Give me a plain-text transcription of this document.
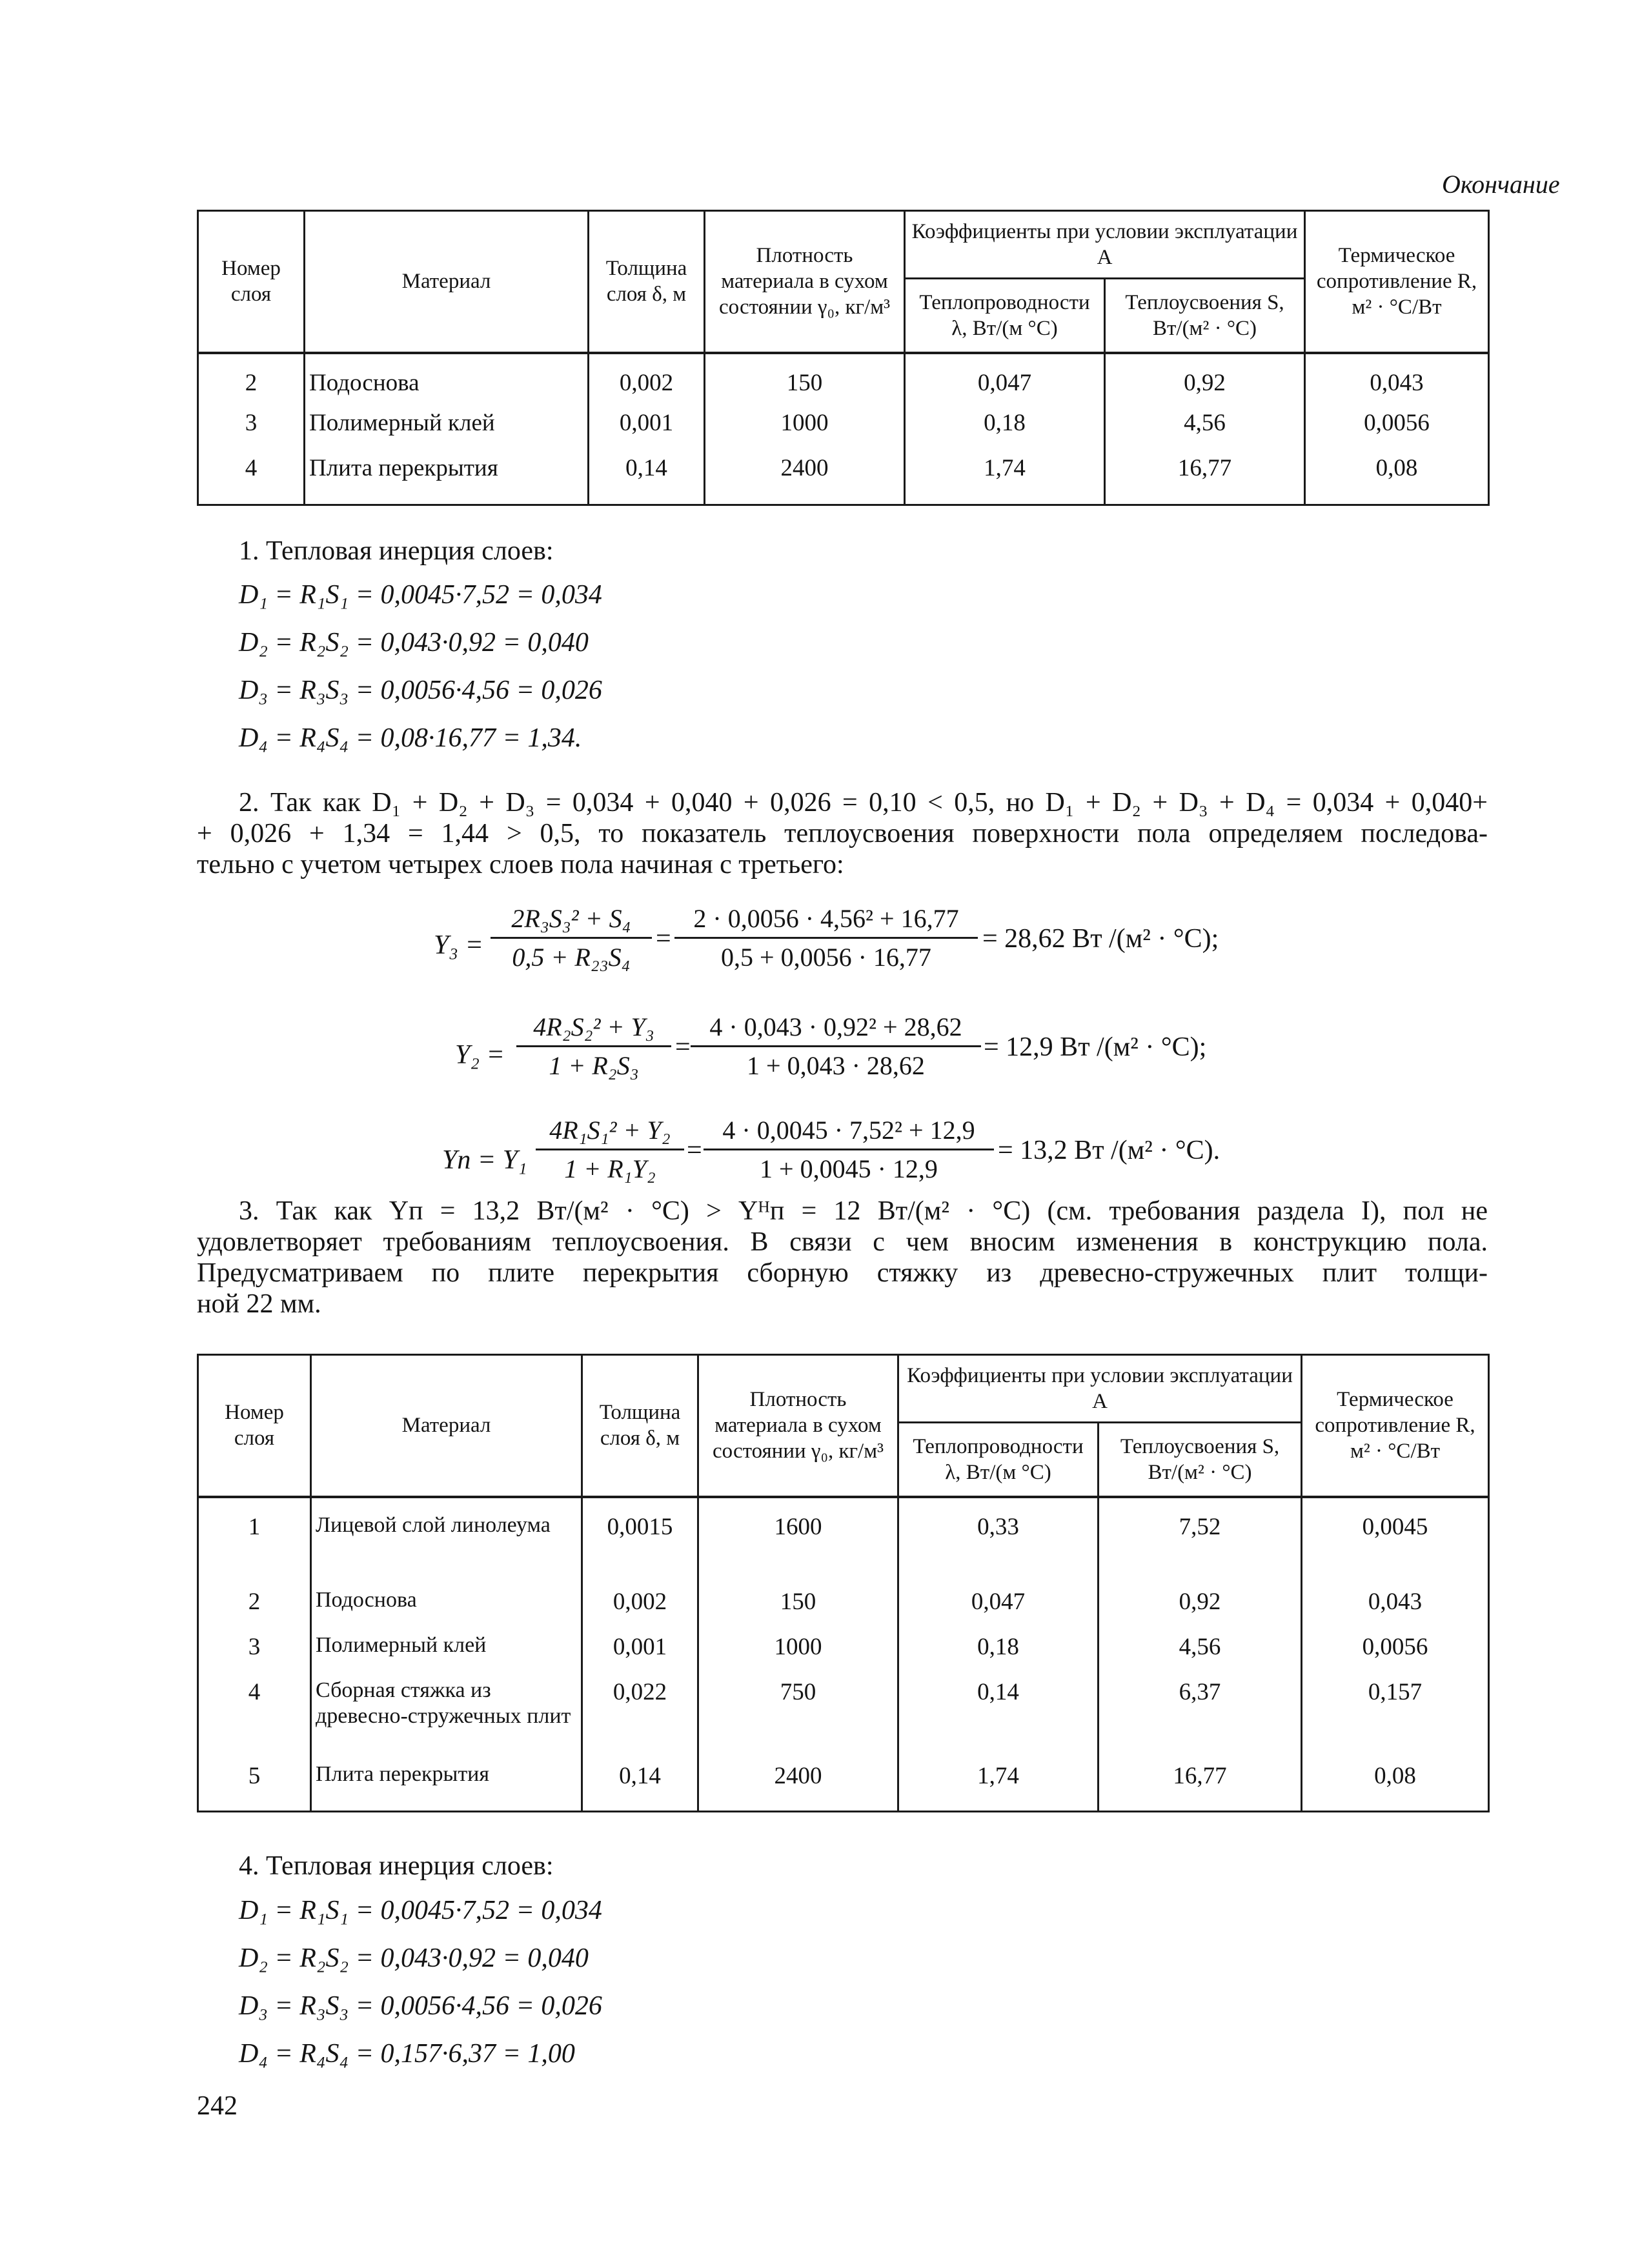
Окончание
Номер слоя	Материал	Толщина слоя δ, м	Плотность материала в сухом состоянии γ₀, кг/м³	Коэффициенты при условии эксплуатации А		Термическое сопротивление R, м² · °С/Вт
				Теплопроводности λ, Вт/(м °С)	Теплоусвоения S, Вт/(м² · °С)	
2	Подоснова	0,002	150	0,047	0,92	0,043
3	Полимерный клей	0,001	1000	0,18	4,56	0,0056
4	Плита перекрытия	0,14	2400	1,74	16,77	0,08
1. Тепловая инерция слоев:
D₁ = R₁S₁ = 0,0045·7,52 = 0,034
D₂ = R₂S₂ = 0,043·0,92 = 0,040
D₃ = R₃S₃ = 0,0056·4,56 = 0,026
D₄ = R₄S₄ = 0,08·16,77 = 1,34.
2. Так как D₁ + D₂ + D₃ = 0,034 + 0,040 + 0,026 = 0,10 < 0,5, но D₁ + D₂ + D₃ + D₄ = 0,034 + 0,040+
+ 0,026 + 1,34 = 1,44 > 0,5, то показатель теплоусвоения поверхности пола определяем последова-
тельно с учетом четырех слоев пола начиная с третьего:
Y₃ =
2R₃S₃² + S₄
0,5 + R₂₃S₄
=
2 · 0,0056 · 4,56² + 16,77
0,5 + 0,0056 · 16,77
= 28,62 Вт /(м² · °С);
Y₂ =
4R₂S₂² + Y₃
1 + R₂S₃
=
4 · 0,043 · 0,92² + 28,62
1 + 0,043 · 28,62
= 12,9 Вт /(м² · °С);
Yп = Y₁
4R₁S₁² + Y₂
1 + R₁Y₂
=
4 · 0,0045 · 7,52² + 12,9
1 + 0,0045 · 12,9
= 13,2 Вт /(м² · °С).
3. Так как Yп = 13,2 Вт/(м² · °С) > Yᴴп = 12 Вт/(м² · °С) (см. требования раздела I), пол не
удовлетворяет требованиям теплоусвоения. В связи с чем вносим изменения в конструкцию пола.
Предусматриваем по плите перекрытия сборную стяжку из древесно-стружечных плит толщи-
ной 22 мм.
Номер слоя	Материал	Толщина слоя δ, м	Плотность материала в сухом состоянии γ₀, кг/м³	Коэффициенты при условии эксплуатации А		Термическое сопротивление R, м² · °С/Вт
				Теплопроводности λ, Вт/(м °С)	Теплоусвоения S, Вт/(м² · °С)	
1	Лицевой слой линолеума	0,0015	1600	0,33	7,52	0,0045
2	Подоснова	0,002	150	0,047	0,92	0,043
3	Полимерный клей	0,001	1000	0,18	4,56	0,0056
4	Сборная стяжка из древесно-стружечных плит	0,022	750	0,14	6,37	0,157
5	Плита перекрытия	0,14	2400	1,74	16,77	0,08
4. Тепловая инерция слоев:
D₁ = R₁S₁ = 0,0045·7,52 = 0,034
D₂ = R₂S₂ = 0,043·0,92 = 0,040
D₃ = R₃S₃ = 0,0056·4,56 = 0,026
D₄ = R₄S₄ = 0,157·6,37 = 1,00
242
